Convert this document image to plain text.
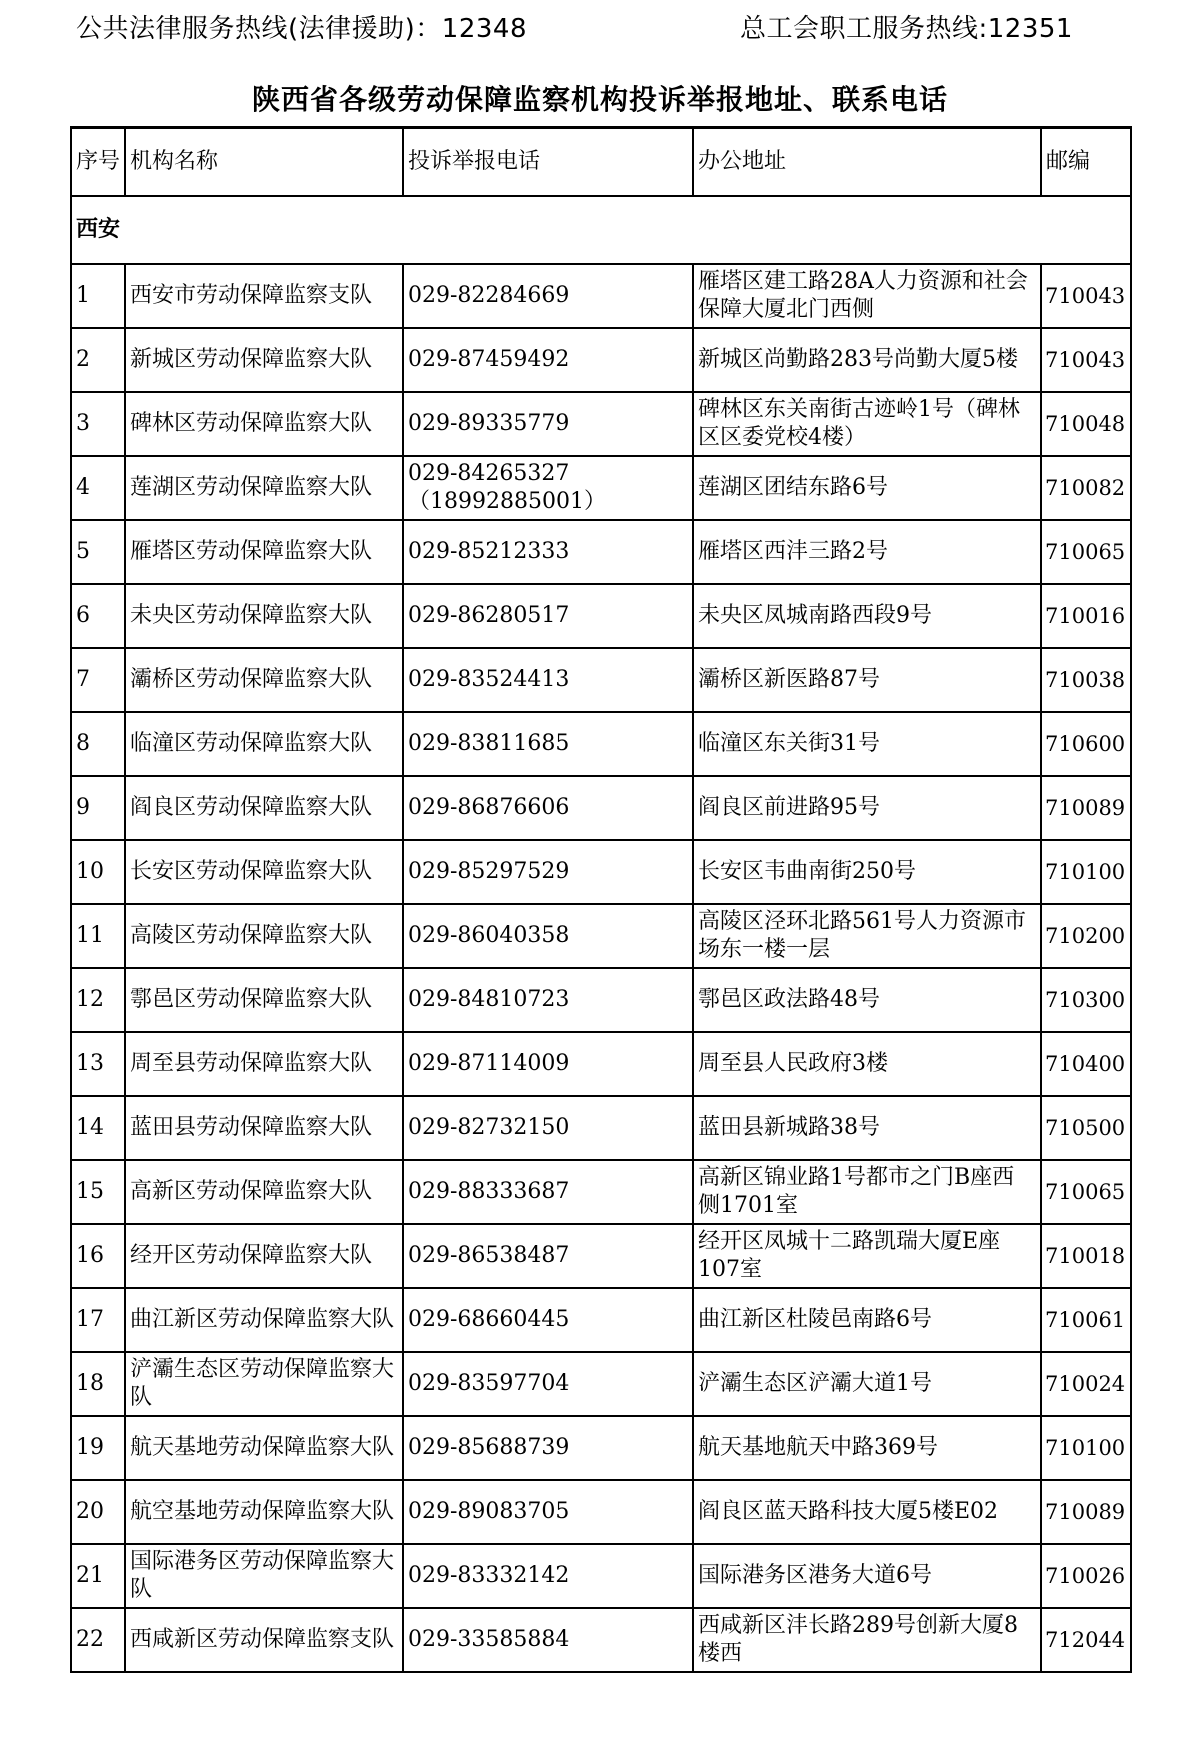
公共法律服务热线(法律援助)：12348	总工会职工服务热线:12351
陕西省各级劳动保障监察机构投诉举报地址、联系电话
序号	机构名称	投诉举报电话	办公地址	邮编
西安				
1	西安市劳动保障监察支队	029-82284669	雁塔区建工路28A人力资源和社会保障大厦北门西侧	710043
2	新城区劳动保障监察大队	029-87459492	新城区尚勤路283号尚勤大厦5楼	710043
3	碑林区劳动保障监察大队	029-89335779	碑林区东关南街古迹岭1号（碑林区区委党校4楼）	710048
4	莲湖区劳动保障监察大队	029-84265327
（18992885001）	莲湖区团结东路6号	710082
5	雁塔区劳动保障监察大队	029-85212333	雁塔区西沣三路2号	710065
6	未央区劳动保障监察大队	029-86280517	未央区凤城南路西段9号	710016
7	灞桥区劳动保障监察大队	029-83524413	灞桥区新医路87号	710038
8	临潼区劳动保障监察大队	029-83811685	临潼区东关街31号	710600
9	阎良区劳动保障监察大队	029-86876606	阎良区前进路95号	710089
10	长安区劳动保障监察大队	029-85297529	长安区韦曲南街250号	710100
11	高陵区劳动保障监察大队	029-86040358	高陵区泾环北路561号人力资源市场东一楼一层	710200
12	鄠邑区劳动保障监察大队	029-84810723	鄠邑区政法路48号	710300
13	周至县劳动保障监察大队	029-87114009	周至县人民政府3楼	710400
14	蓝田县劳动保障监察大队	029-82732150	蓝田县新城路38号	710500
15	高新区劳动保障监察大队	029-88333687	高新区锦业路1号都市之门B座西侧1701室	710065
16	经开区劳动保障监察大队	029-86538487	经开区凤城十二路凯瑞大厦E座107室	710018
17	曲江新区劳动保障监察大队	029-68660445	曲江新区杜陵邑南路6号	710061
18	浐灞生态区劳动保障监察大队	029-83597704	浐灞生态区浐灞大道1号	710024
19	航天基地劳动保障监察大队	029-85688739	航天基地航天中路369号	710100
20	航空基地劳动保障监察大队	029-89083705	阎良区蓝天路科技大厦5楼E02	710089
21	国际港务区劳动保障监察大队	029-83332142	国际港务区港务大道6号	710026
22	西咸新区劳动保障监察支队	029-33585884	西咸新区沣长路289号创新大厦8楼西	712044
